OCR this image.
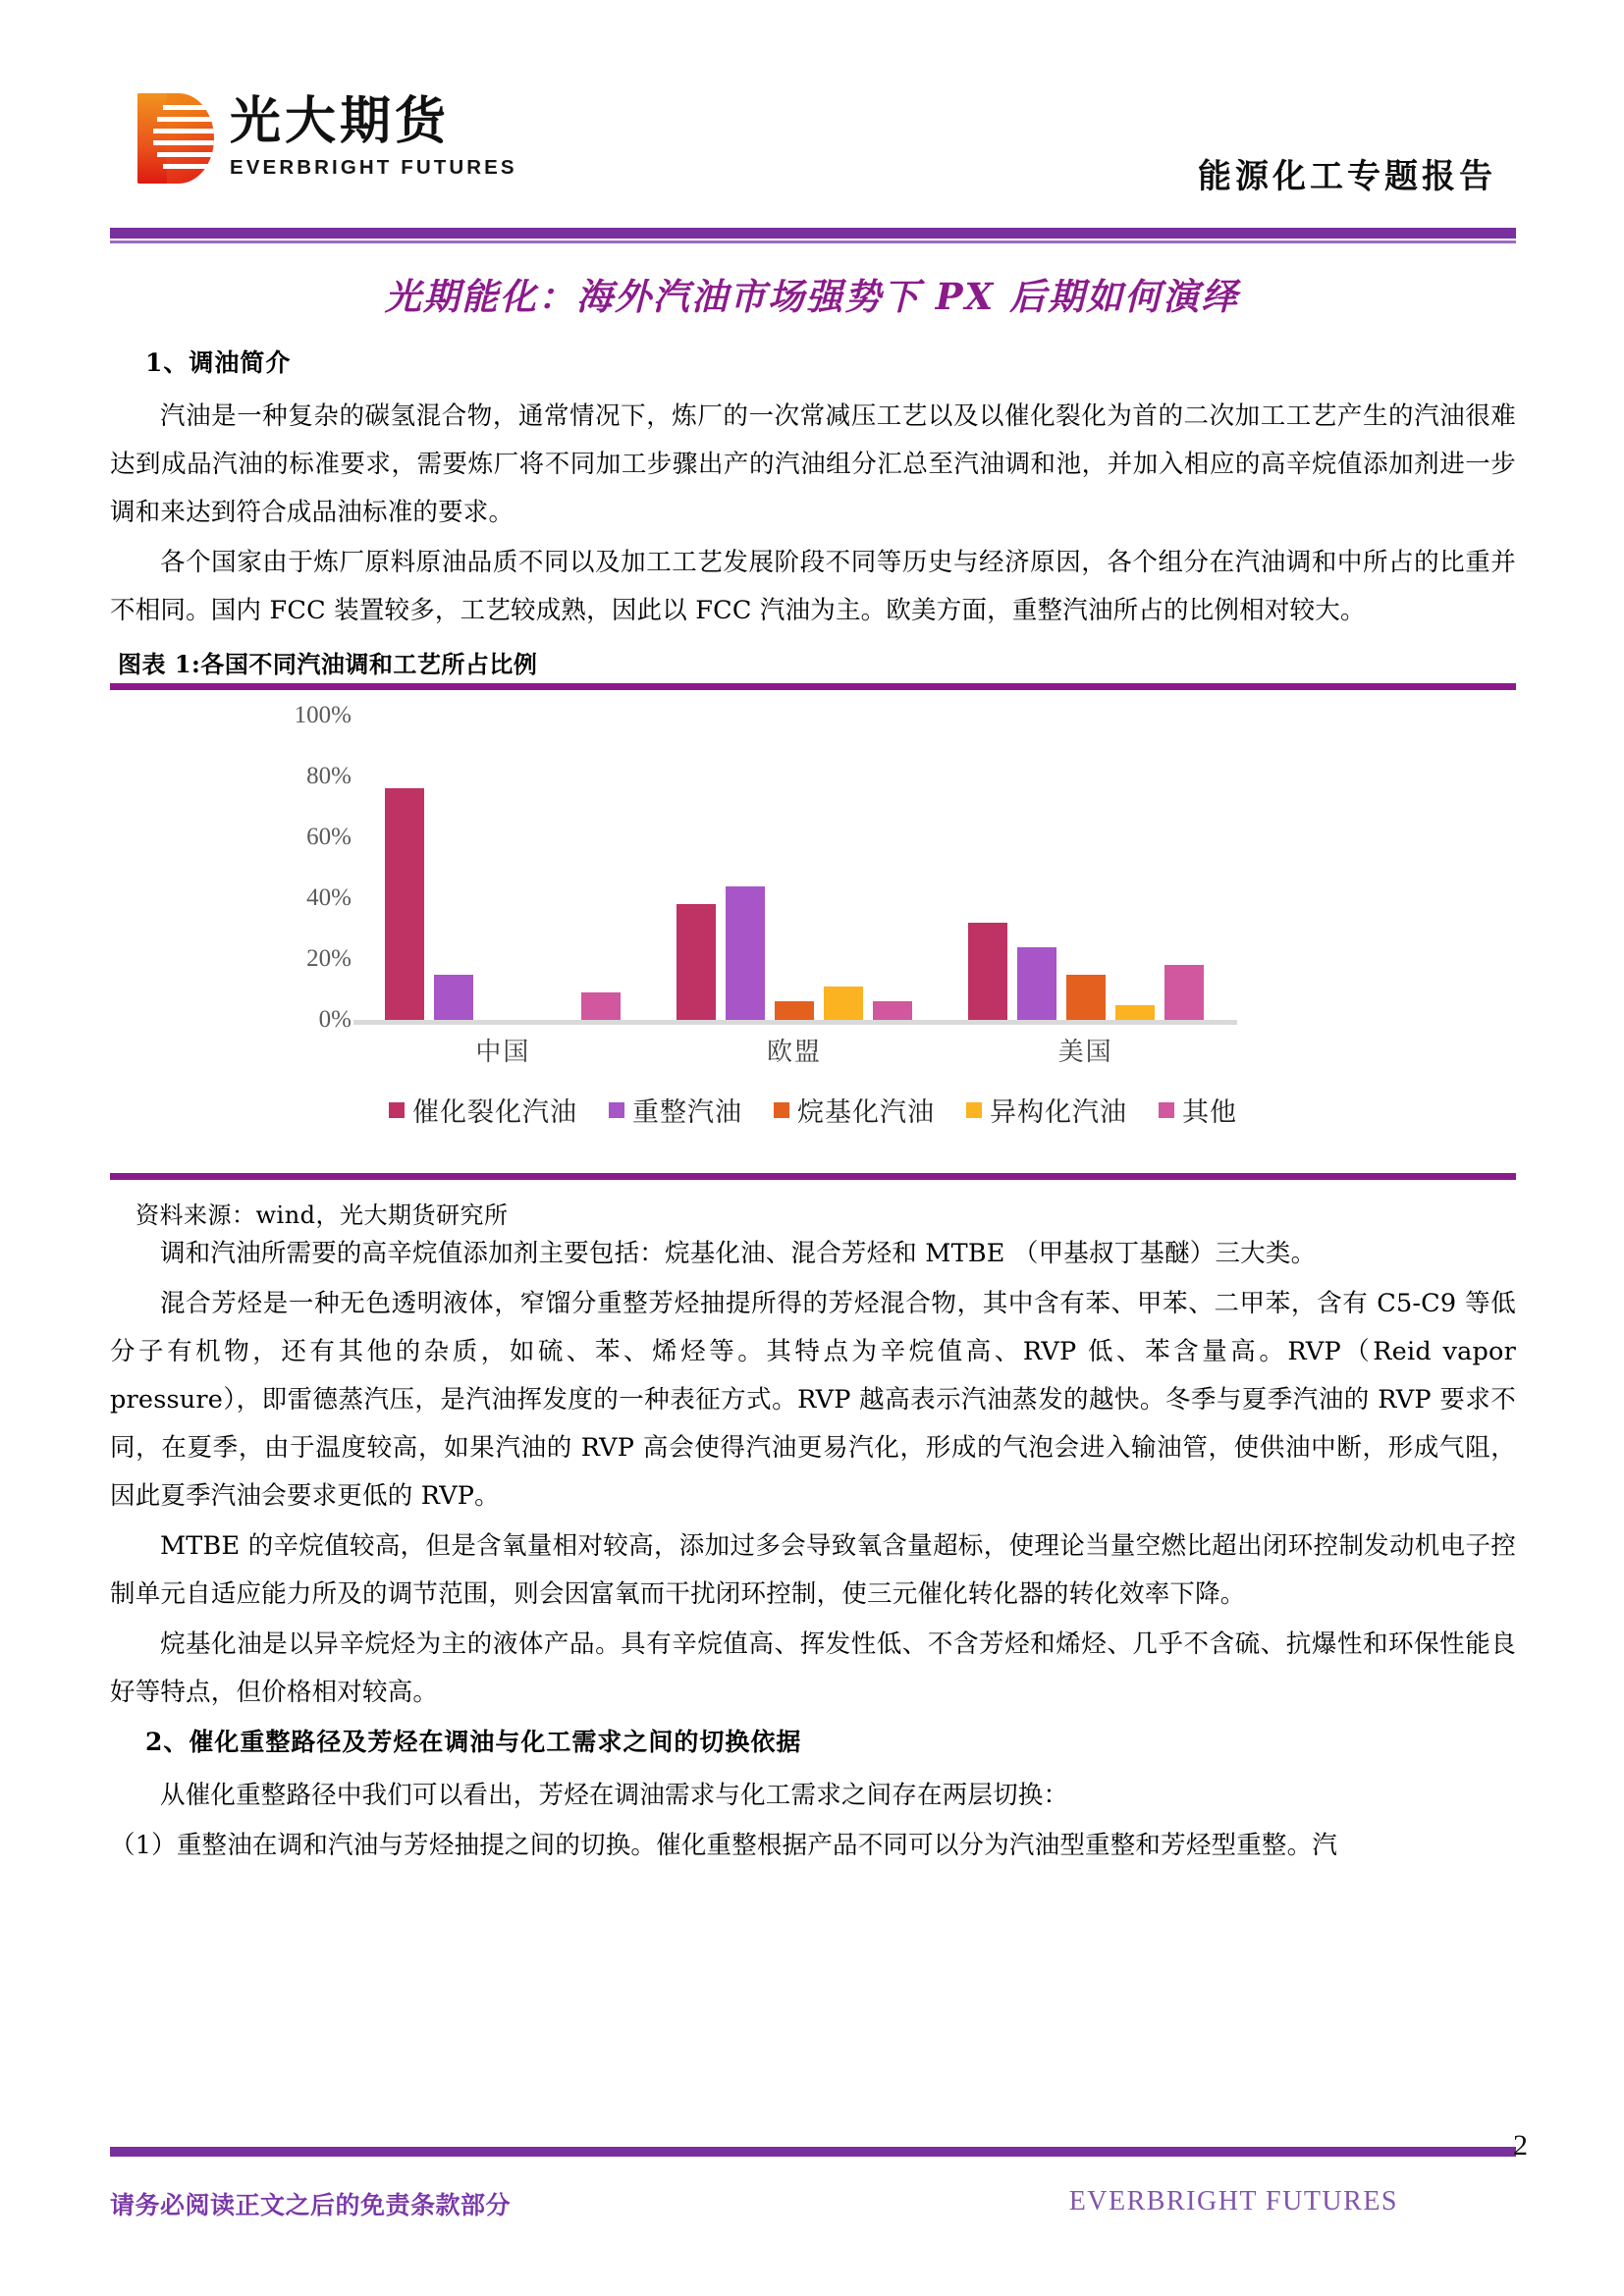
光大期货
EVERBRIGHT FUTURES	能源化工专题报告
光期能化：海外汽油市场强势下 PX 后期如何演绎
1、调油简介

汽油是一种复杂的碳氢混合物，通常情况下，炼厂的一次常减压工艺以及以催化裂化为首的二次加工工艺产生的汽油很难达到成品汽油的标准要求，需要炼厂将不同加工步骤出产的汽油组分汇总至汽油调和池，并加入相应的高辛烷值添加剂进一步调和来达到符合成品油标准的要求。

各个国家由于炼厂原料原油品质不同以及加工工艺发展阶段不同等历史与经济原因，各个组分在汽油调和中所占的比重并不相同。国内 FCC 装置较多，工艺较成熟，因此以 FCC 汽油为主。欧美方面，重整汽油所占的比例相对较大。

图表 1:各国不同汽油调和工艺所占比例
100%
80%
60%
40%
20%
0%
中国	欧盟	美国
催化裂化汽油 重整汽油 烷基化汽油 异构化汽油 其他
资料来源：wind，光大期货研究所

调和汽油所需要的高辛烷值添加剂主要包括：烷基化油、混合芳烃和 MTBE （甲基叔丁基醚）三大类。

混合芳烃是一种无色透明液体，窄馏分重整芳烃抽提所得的芳烃混合物，其中含有苯、甲苯、二甲苯，含有 C5-C9 等低分子有机物，还有其他的杂质，如硫、苯、烯烃等。其特点为辛烷值高、RVP 低、苯含量高。RVP（Reid vapor pressure），即雷德蒸汽压，是汽油挥发度的一种表征方式。RVP 越高表示汽油蒸发的越快。冬季与夏季汽油的 RVP 要求不同，在夏季，由于温度较高，如果汽油的 RVP 高会使得汽油更易汽化，形成的气泡会进入输油管，使供油中断，形成气阻，因此夏季汽油会要求更低的 RVP。

MTBE 的辛烷值较高，但是含氧量相对较高，添加过多会导致氧含量超标，使理论当量空燃比超出闭环控制发动机电子控制单元自适应能力所及的调节范围，则会因富氧而干扰闭环控制，使三元催化转化器的转化效率下降。

烷基化油是以异辛烷烃为主的液体产品。具有辛烷值高、挥发性低、不含芳烃和烯烃、几乎不含硫、抗爆性和环保性能良好等特点，但价格相对较高。

2、催化重整路径及芳烃在调油与化工需求之间的切换依据

从催化重整路径中我们可以看出，芳烃在调油需求与化工需求之间存在两层切换：

（1）重整油在调和汽油与芳烃抽提之间的切换。催化重整根据产品不同可以分为汽油型重整和芳烃型重整。汽

2
请务必阅读正文之后的免责条款部分	EVERBRIGHT FUTURES
